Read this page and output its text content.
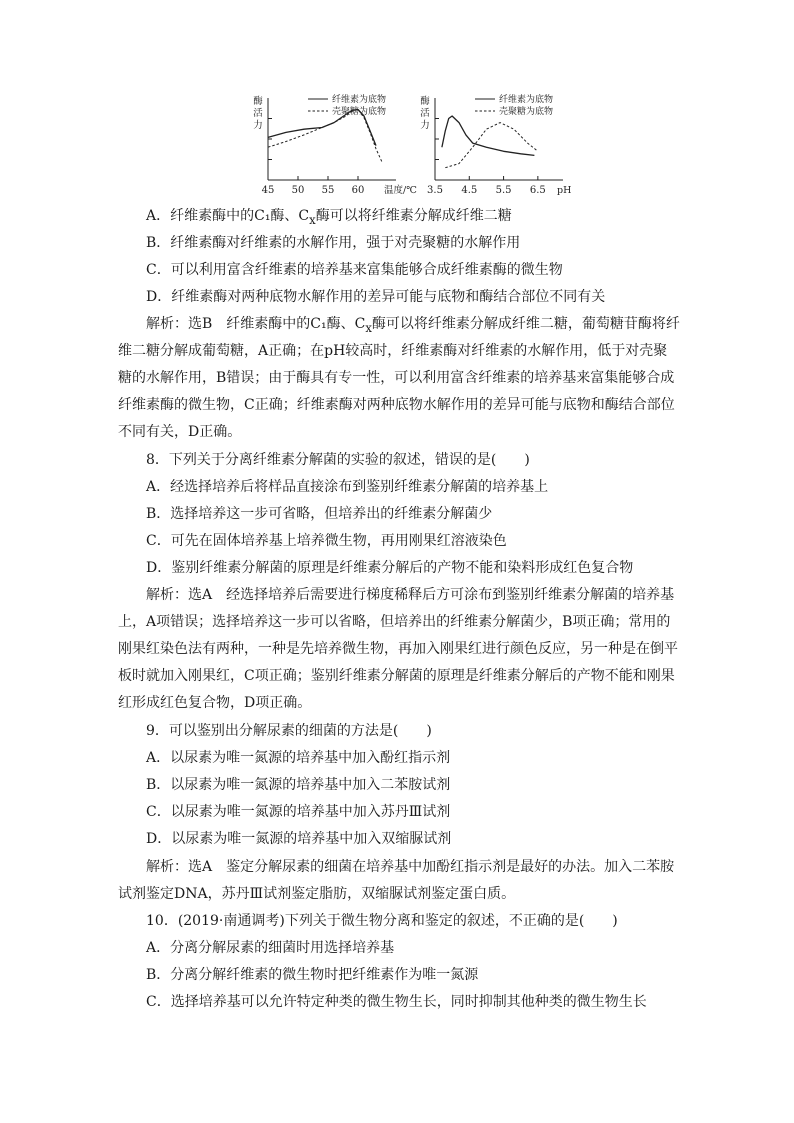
45 50 55 60 温度/℃
酶活力
纤维素为底物
壳聚糖为底物
3.5 4.5 5.5 6.5 pH
酶活力
纤维素为底物
壳聚糖为底物
A．纤维素酶中的C₁酶、$C_x$酶可以将纤维素分解成纤维二糖
B．纤维素酶对纤维素的水解作用，强于对壳聚糖的水解作用
C．可以利用富含纤维素的培养基来富集能够合成纤维素酶的微生物
D．纤维素酶对两种底物水解作用的差异可能与底物和酶结合部位不同有关
解析：选B　纤维素酶中的C₁酶、$C_x$酶可以将纤维素分解成纤维二糖，葡萄糖苷酶将纤
维二糖分解成葡萄糖，A正确；在pH较高时，纤维素酶对纤维素的水解作用，低于对壳聚
糖的水解作用，B错误；由于酶具有专一性，可以利用富含纤维素的培养基来富集能够合成
纤维素酶的微生物，C正确；纤维素酶对两种底物水解作用的差异可能与底物和酶结合部位
不同有关，D正确。
8．下列关于分离纤维素分解菌的实验的叙述，错误的是(　　)
A．经选择培养后将样品直接涂布到鉴别纤维素分解菌的培养基上
B．选择培养这一步可省略，但培养出的纤维素分解菌少
C．可先在固体培养基上培养微生物，再用刚果红溶液染色
D．鉴别纤维素分解菌的原理是纤维素分解后的产物不能和染料形成红色复合物
解析：选A　经选择培养后需要进行梯度稀释后方可涂布到鉴别纤维素分解菌的培养基
上，A项错误；选择培养这一步可以省略，但培养出的纤维素分解菌少，B项正确；常用的
刚果红染色法有两种，一种是先培养微生物，再加入刚果红进行颜色反应，另一种是在倒平
板时就加入刚果红，C项正确；鉴别纤维素分解菌的原理是纤维素分解后的产物不能和刚果
红形成红色复合物，D项正确。
9．可以鉴别出分解尿素的细菌的方法是(　　)
A．以尿素为唯一氮源的培养基中加入酚红指示剂
B．以尿素为唯一氮源的培养基中加入二苯胺试剂
C．以尿素为唯一氮源的培养基中加入苏丹Ⅲ试剂
D．以尿素为唯一氮源的培养基中加入双缩脲试剂
解析：选A　鉴定分解尿素的细菌在培养基中加酚红指示剂是最好的办法。加入二苯胺
试剂鉴定DNA，苏丹Ⅲ试剂鉴定脂肪，双缩脲试剂鉴定蛋白质。
10．(2019·南通调考)下列关于微生物分离和鉴定的叙述，不正确的是(　　)
A．分离分解尿素的细菌时用选择培养基
B．分离分解纤维素的微生物时把纤维素作为唯一氮源
C．选择培养基可以允许特定种类的微生物生长，同时抑制其他种类的微生物生长
